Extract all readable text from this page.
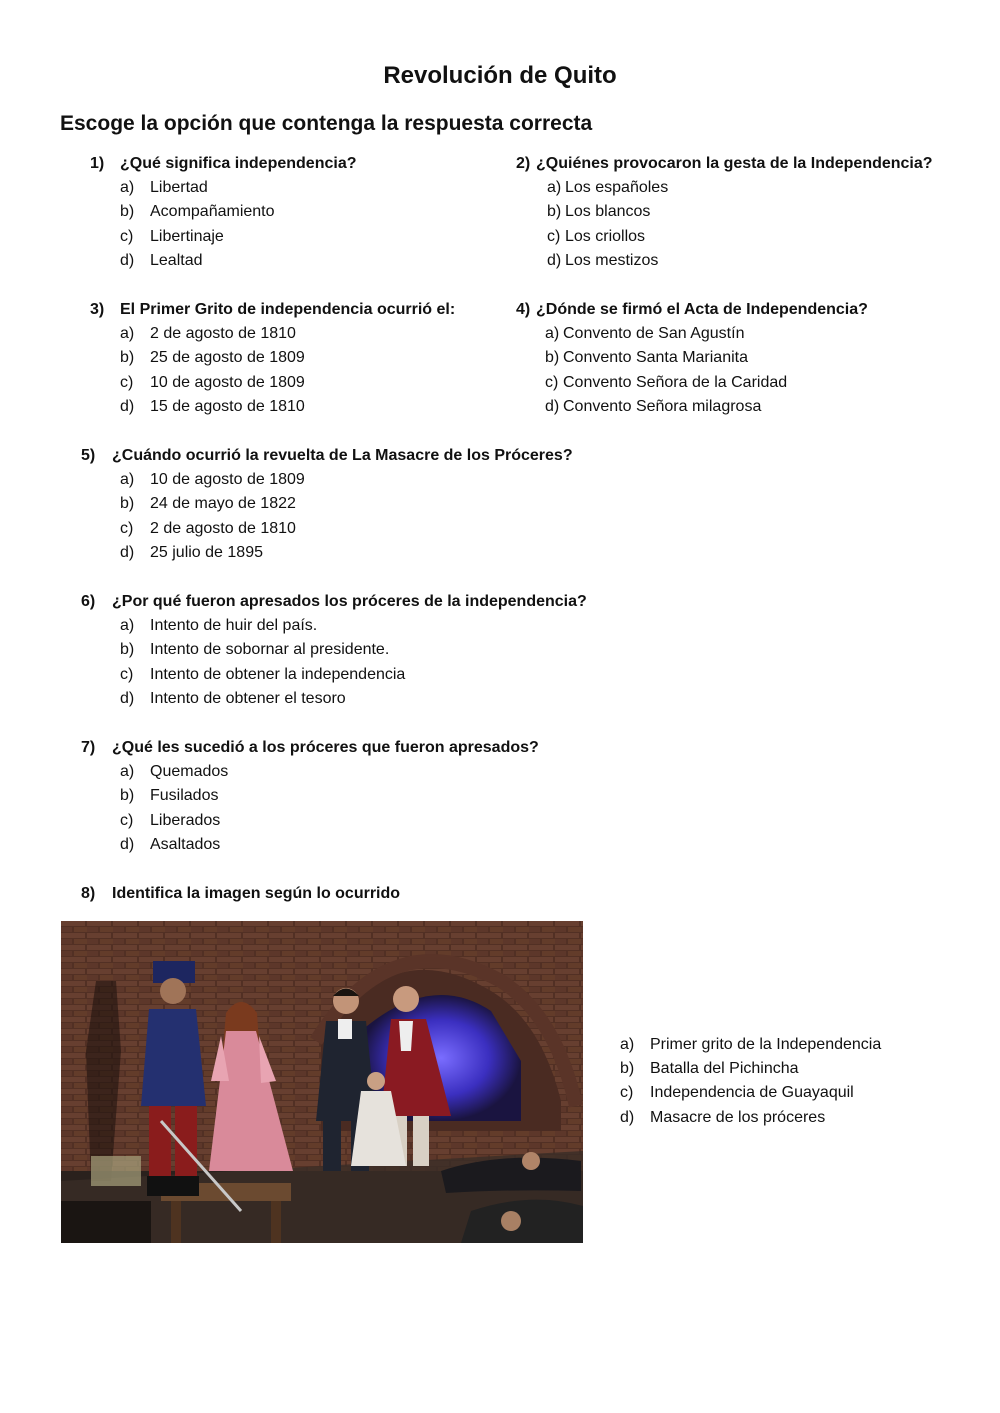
Revolución de Quito
Escoge la opción que contenga la respuesta correcta
1) ¿Qué significa independencia?
a) Libertad
b) Acompañamiento
c) Libertinaje
d) Lealtad
2) ¿Quiénes provocaron la gesta de la Independencia?
a) Los españoles
b) Los blancos
c) Los criollos
d) Los mestizos
3) El Primer Grito de independencia ocurrió el:
a) 2 de agosto de 1810
b) 25 de agosto de 1809
c) 10 de agosto de 1809
d) 15 de agosto de 1810
4) ¿Dónde se firmó el Acta de Independencia?
a) Convento de San Agustín
b) Convento Santa Marianita
c) Convento Señora de la Caridad
d) Convento Señora milagrosa
5) ¿Cuándo ocurrió la revuelta de La Masacre de los Próceres?
a) 10 de agosto de 1809
b) 24 de mayo de 1822
c) 2 de agosto de 1810
d) 25 julio de 1895
6) ¿Por qué fueron apresados los próceres de la independencia?
a) Intento de huir del país.
b) Intento de sobornar al presidente.
c) Intento de obtener la independencia
d) Intento de obtener el tesoro
7) ¿Qué les sucedió a los próceres que fueron apresados?
a) Quemados
b) Fusilados
c) Liberados
d) Asaltados
8) Identifica la imagen según lo ocurrido
a) Primer grito de la Independencia
b) Batalla del Pichincha
c) Independencia de Guayaquil
d) Masacre de los próceres
